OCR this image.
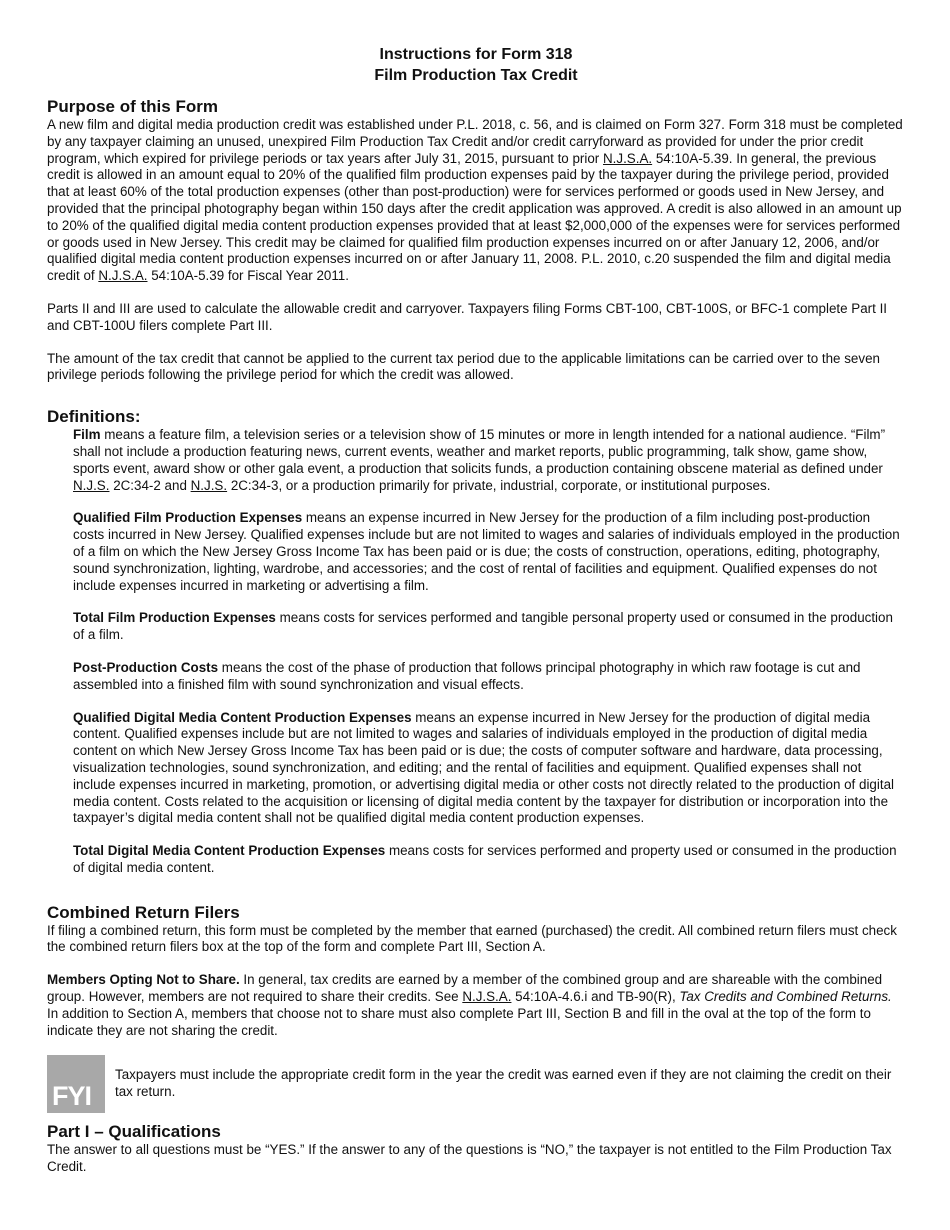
Instructions for Form 318
Film Production Tax Credit
Purpose of this Form

A new film and digital media production credit was established under P.L. 2018, c. 56, and is claimed on Form 327. Form 318 must be completed by any taxpayer claiming an unused, unexpired Film Production Tax Credit and/or credit carryforward as provided for under the prior credit program, which expired for privilege periods or tax years after July 31, 2015, pursuant to prior N.J.S.A. 54:10A-5.39. In general, the previous credit is allowed in an amount equal to 20% of the qualified film production expenses paid by the taxpayer during the privilege period, provided that at least 60% of the total production expenses (other than post-production) were for services performed or goods used in New Jersey, and provided that the principal photography began within 150 days after the credit application was approved. A credit is also allowed in an amount up to 20% of the qualified digital media content production expenses provided that at least $2,000,000 of the expenses were for services performed or goods used in New Jersey. This credit may be claimed for qualified film production expenses incurred on or after January 12, 2006, and/or qualified digital media content production expenses incurred on or after January 11, 2008. P.L. 2010, c.20 suspended the film and digital media credit of N.J.S.A. 54:10A-5.39 for Fiscal Year 2011.

Parts II and III are used to calculate the allowable credit and carryover. Taxpayers filing Forms CBT-100, CBT-100S, or BFC-1 complete Part II and CBT-100U filers complete Part III.

The amount of the tax credit that cannot be applied to the current tax period due to the applicable limitations can be carried over to the seven privilege periods following the privilege period for which the credit was allowed.

Definitions:

Film means a feature film, a television series or a television show of 15 minutes or more in length intended for a national audience. “Film” shall not include a production featuring news, current events, weather and market reports, public programming, talk show, game show, sports event, award show or other gala event, a production that solicits funds, a production containing obscene material as defined under N.J.S. 2C:34-2 and N.J.S. 2C:34-3, or a production primarily for private, industrial, corporate, or institutional purposes.

Qualified Film Production Expenses means an expense incurred in New Jersey for the production of a film including post-production costs incurred in New Jersey. Qualified expenses include but are not limited to wages and salaries of individuals employed in the production of a film on which the New Jersey Gross Income Tax has been paid or is due; the costs of construction, operations, editing, photography, sound synchronization, lighting, wardrobe, and accessories; and the cost of rental of facilities and equipment. Qualified expenses do not include expenses incurred in marketing or advertising a film.

Total Film Production Expenses means costs for services performed and tangible personal property used or consumed in the production of a film.

Post-Production Costs means the cost of the phase of production that follows principal photography in which raw footage is cut and assembled into a finished film with sound synchronization and visual effects.

Qualified Digital Media Content Production Expenses means an expense incurred in New Jersey for the production of digital media content. Qualified expenses include but are not limited to wages and salaries of individuals employed in the production of digital media content on which New Jersey Gross Income Tax has been paid or is due; the costs of computer software and hardware, data processing, visualization technologies, sound synchronization, and editing; and the rental of facilities and equipment. Qualified expenses shall not include expenses incurred in marketing, promotion, or advertising digital media or other costs not directly related to the production of digital media content. Costs related to the acquisition or licensing of digital media content by the taxpayer for distribution or incorporation into the taxpayer’s digital media content shall not be qualified digital media content production expenses.

Total Digital Media Content Production Expenses means costs for services performed and property used or consumed in the production of digital media content.

Combined Return Filers

If filing a combined return, this form must be completed by the member that earned (purchased) the credit. All combined return filers must check the combined return filers box at the top of the form and complete Part III, Section A.

Members Opting Not to Share. In general, tax credits are earned by a member of the combined group and are shareable with the combined group. However, members are not required to share their credits. See N.J.S.A. 54:10A-4.6.i and TB-90(R), Tax Credits and Combined Returns. In addition to Section A, members that choose not to share must also complete Part III, Section B and fill in the oval at the top of the form to indicate they are not sharing the credit.

FYI

Taxpayers must include the appropriate credit form in the year the credit was earned even if they are not claiming the credit on their tax return.

Part I – Qualifications

The answer to all questions must be “YES.” If the answer to any of the questions is “NO,” the taxpayer is not entitled to the Film Production Tax Credit.
